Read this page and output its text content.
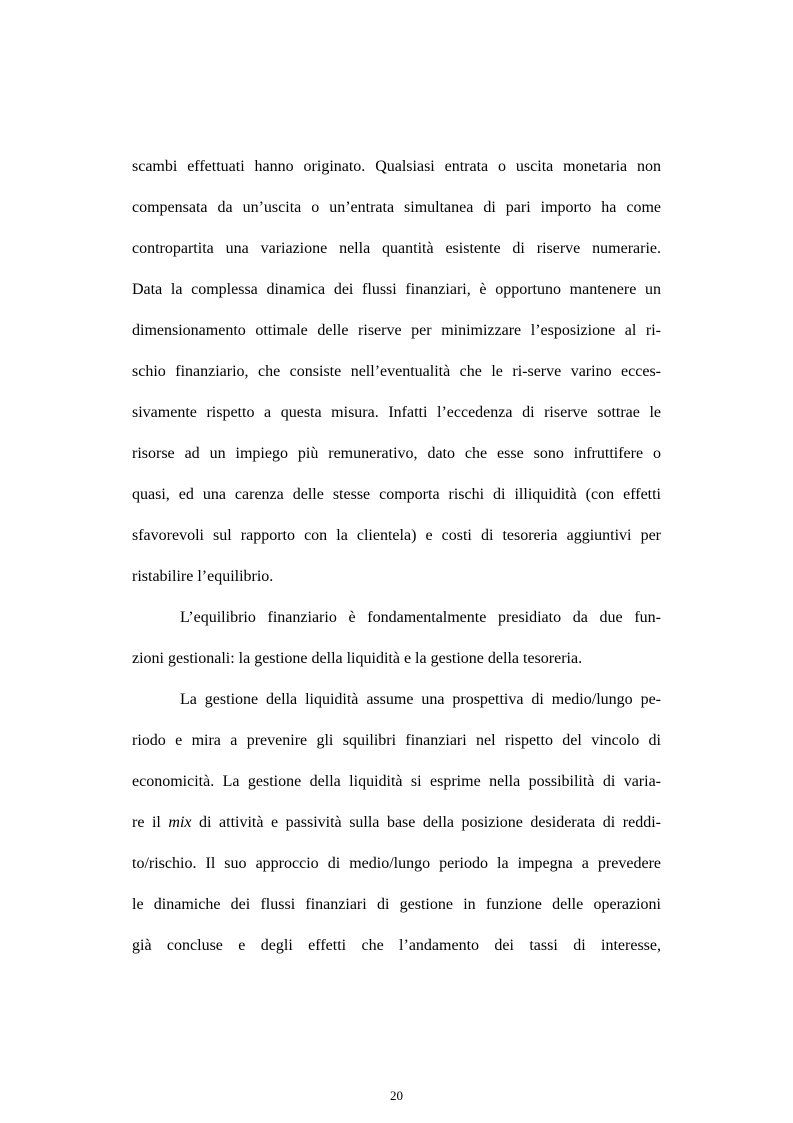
scambi effettuati hanno originato. Qualsiasi entrata o uscita monetaria non
compensata da un’uscita o un’entrata simultanea di pari importo ha come
contropartita una variazione nella quantità esistente di riserve numerarie.
Data la complessa dinamica dei flussi finanziari, è opportuno mantenere un
dimensionamento ottimale delle riserve per minimizzare l’esposizione al ri-
schio finanziario, che consiste nell’eventualità che le ri-serve varino ecces-
sivamente rispetto a questa misura. Infatti l’eccedenza di riserve sottrae le
risorse ad un impiego più remunerativo, dato che esse sono infruttifere o
quasi, ed una carenza delle stesse comporta rischi di illiquidità (con effetti
sfavorevoli sul rapporto con la clientela) e costi di tesoreria aggiuntivi per
ristabilire l’equilibrio.
L’equilibrio finanziario è fondamentalmente presidiato da due fun-
zioni gestionali: la gestione della liquidità e la gestione della tesoreria.
La gestione della liquidità assume una prospettiva di medio/lungo pe-
riodo e mira a prevenire gli squilibri finanziari nel rispetto del vincolo di
economicità. La gestione della liquidità si esprime nella possibilità di varia-
re il mix di attività e passività sulla base della posizione desiderata di reddi-
to/rischio. Il suo approccio di medio/lungo periodo la impegna a prevedere
le dinamiche dei flussi finanziari di gestione in funzione delle operazioni
già concluse e degli effetti che l’andamento dei tassi di interesse,
20
